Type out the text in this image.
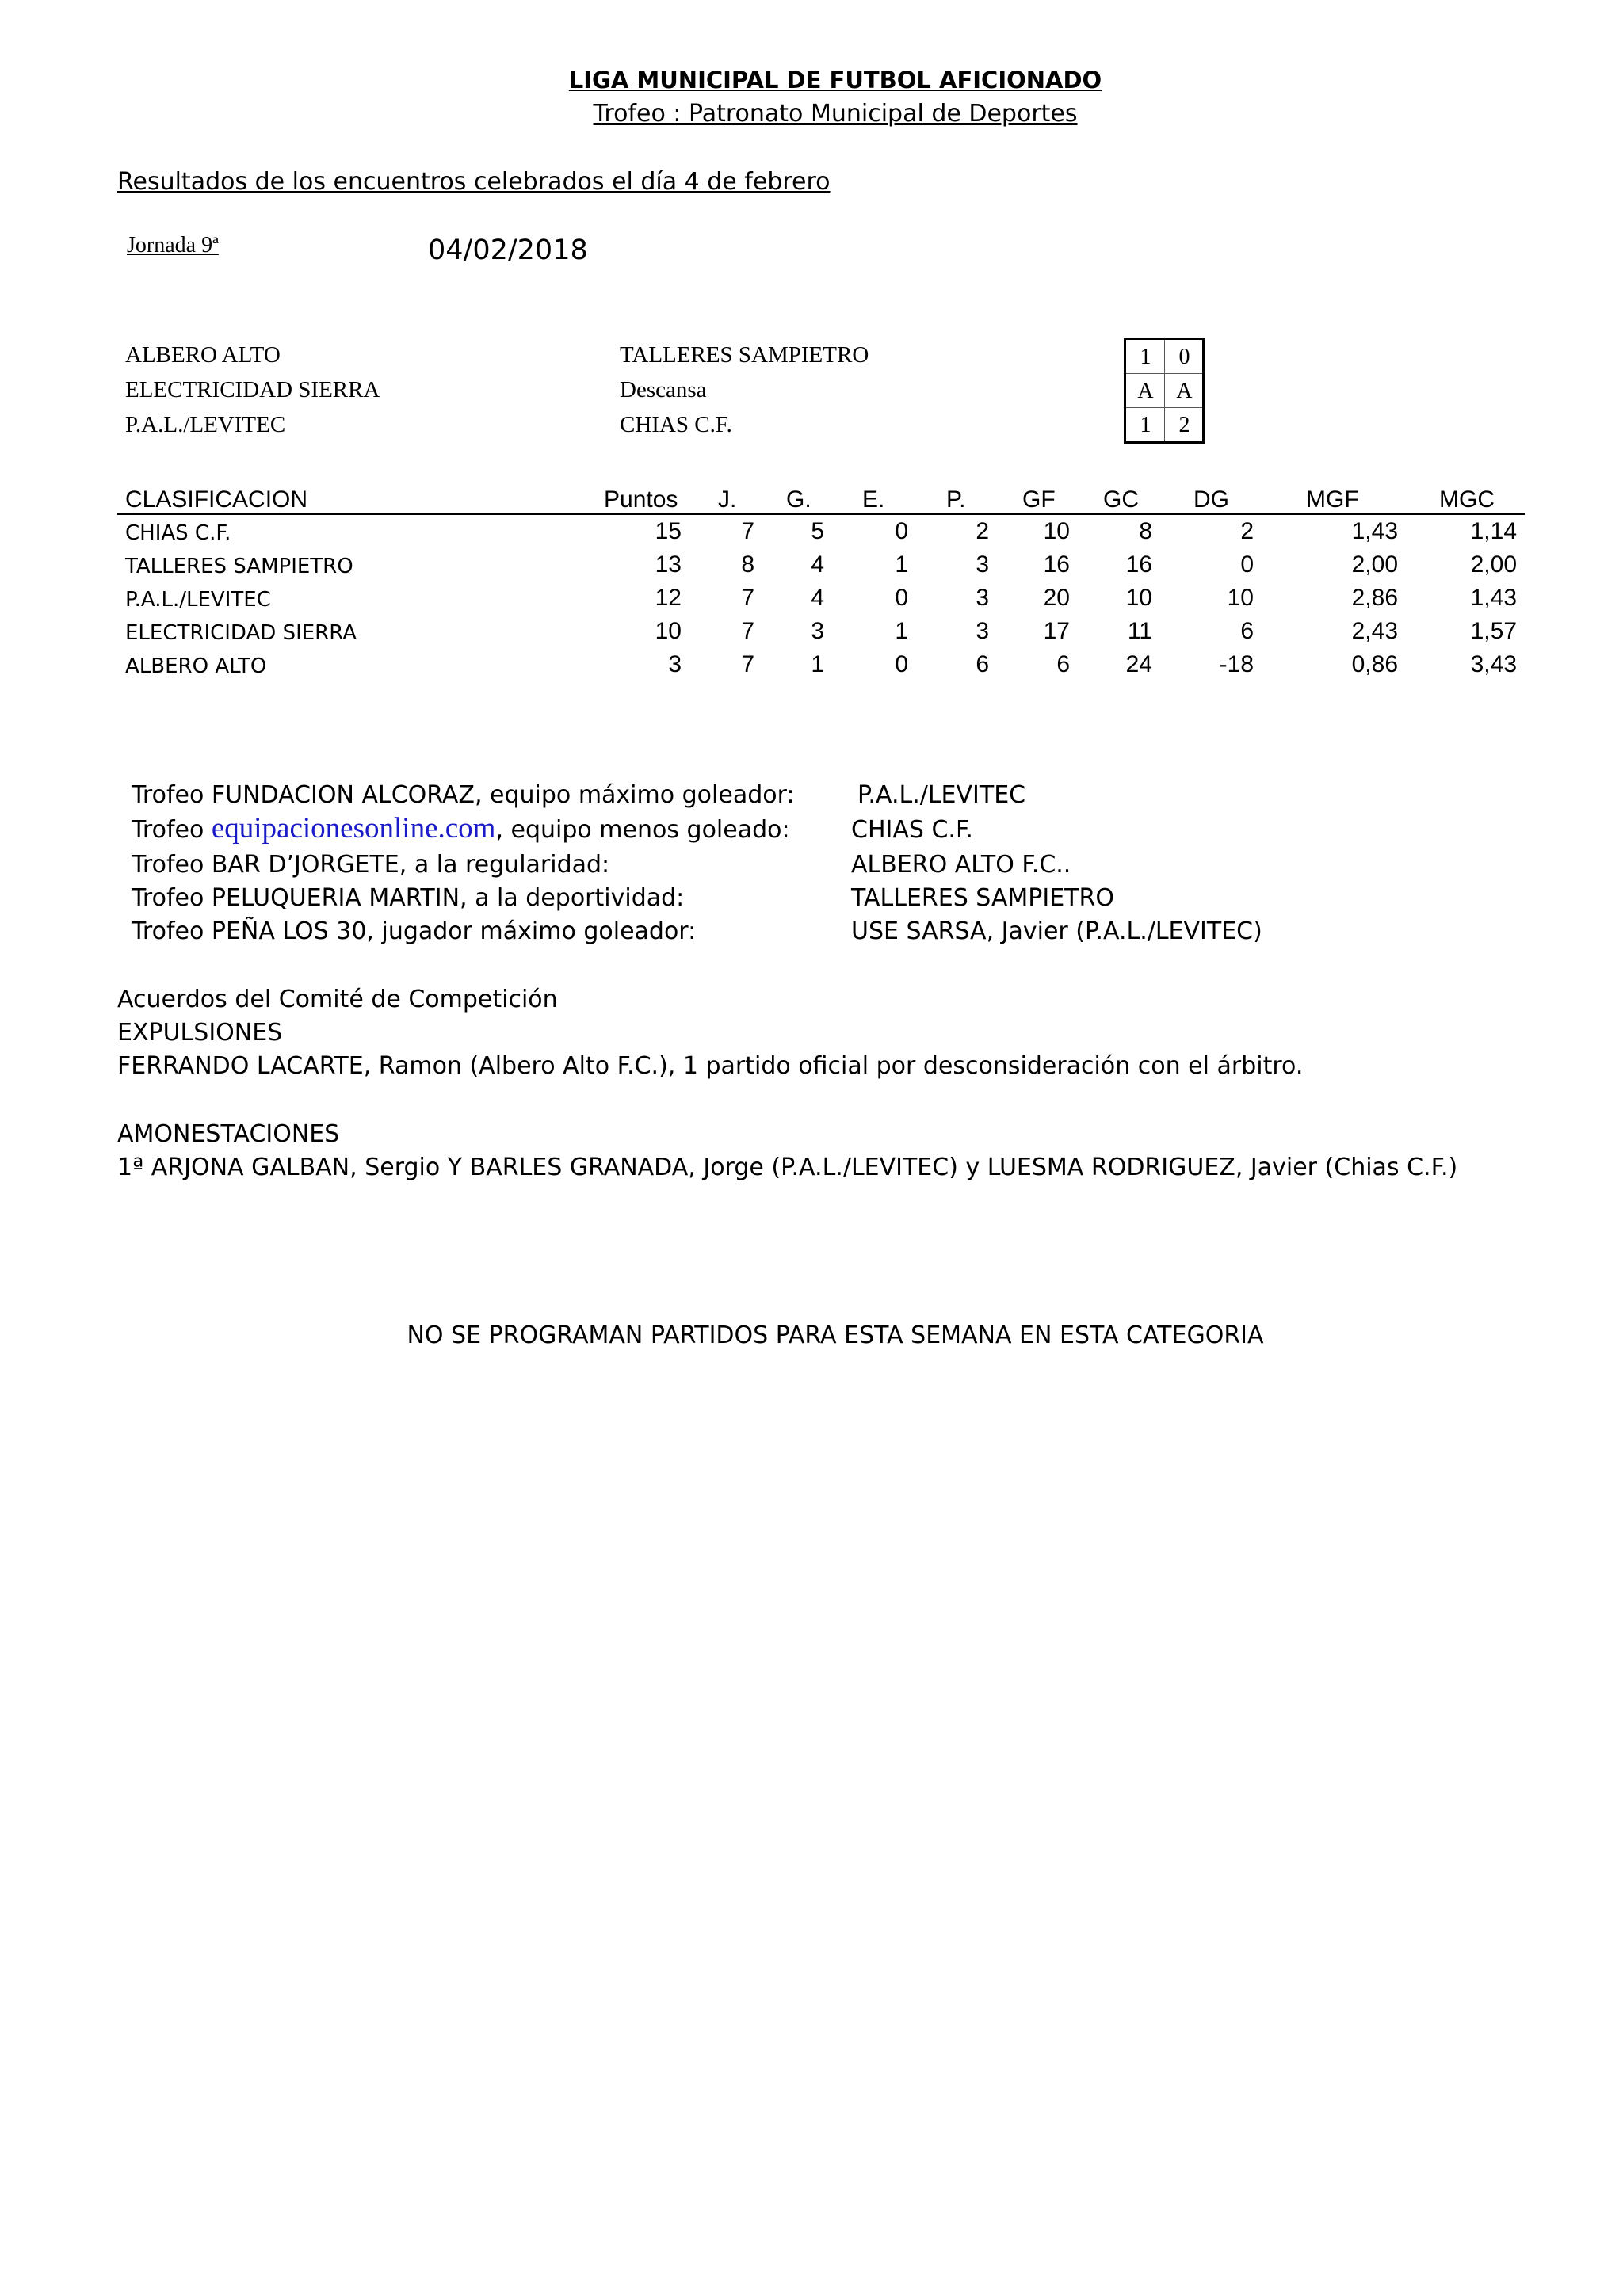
LIGA MUNICIPAL DE FUTBOL AFICIONADO
Trofeo : Patronato Municipal de Deportes
Resultados de los encuentros celebrados el día 4 de febrero
Jornada 9ª	04/02/2018
ALBERO ALTO	TALLERES SAMPIETRO
ELECTRICIDAD SIERRA	Descansa
P.A.L./LEVITEC	CHIAS C.F.
1	0
A	A
1	2
CLASIFICACION	Puntos J. G. E.	P. GF GC DG	MGF	MGC
CHIAS C.F.	15	7	5	0	2	10	8	2	1,43	1,14
TALLERES SAMPIETRO	13	8	4	1	3	16	16	0	2,00	2,00
P.A.L./LEVITEC	12	7	4	0	3	20	10	10	2,86	1,43
ELECTRICIDAD SIERRA	10	7	3	1	3	17	11	6	2,43	1,57
ALBERO ALTO	3	7	1	0	6	6	24	-18	0,86	3,43
Trofeo FUNDACION ALCORAZ, equipo máximo goleador:	P.A.L./LEVITEC
Trofeo equipacionesonline.com, equipo menos goleado:	CHIAS C.F.
Trofeo BAR D’JORGETE, a la regularidad:	ALBERO ALTO F.C..
Trofeo PELUQUERIA MARTIN, a la deportividad:	TALLERES SAMPIETRO
Trofeo PEÑA LOS 30, jugador máximo goleador:	USE SARSA, Javier (P.A.L./LEVITEC)
Acuerdos del Comité de Competición
EXPULSIONES
FERRANDO LACARTE, Ramon (Albero Alto F.C.), 1 partido oficial por desconsideración con el árbitro.
AMONESTACIONES
1ª ARJONA GALBAN, Sergio Y BARLES GRANADA, Jorge (P.A.L./LEVITEC) y LUESMA RODRIGUEZ, Javier (Chias C.F.)
NO SE PROGRAMAN PARTIDOS PARA ESTA SEMANA EN ESTA CATEGORIA
